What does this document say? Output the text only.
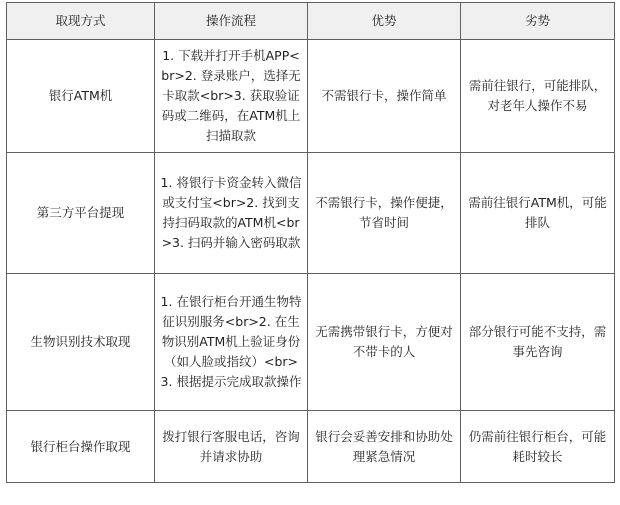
取现方式	操作流程	优势	劣势
银行ATM机	1. 下载并打开手机APP<br>2. 登录账户，选择无卡取款<br>3. 获取验证码或二维码，在ATM机上扫描取款	不需银行卡，操作简单	需前往银行，可能排队，对老年人操作不易
第三方平台提现	1. 将银行卡资金转入微信或支付宝<br>2. 找到支持扫码取款的ATM机<br>3. 扫码并输入密码取款	不需银行卡，操作便捷，节省时间	需前往银行ATM机，可能排队
生物识别技术取现	1. 在银行柜台开通生物特征识别服务<br>2. 在生物识别ATM机上验证身份（如人脸或指纹）<br>3. 根据提示完成取款操作	无需携带银行卡，方便对不带卡的人	部分银行可能不支持，需事先咨询
银行柜台操作取现	拨打银行客服电话，咨询并请求协助	银行会妥善安排和协助处理紧急情况	仍需前往银行柜台，可能耗时较长
